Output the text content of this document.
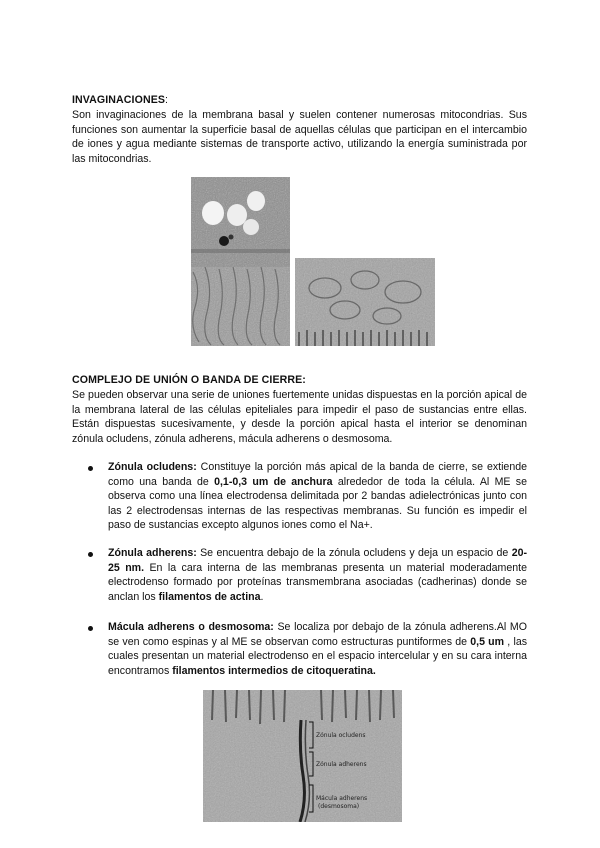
INVAGINACIONES:
Son invaginaciones de la membrana basal y suelen contener numerosas mitocondrias. Sus funciones son aumentar la superficie basal de aquellas células que participan en el intercambio de iones y agua mediante sistemas de transporte activo, utilizando la energía suministrada por las mitocondrias.
COMPLEJO DE UNIÓN O BANDA DE CIERRE:
Se pueden observar una serie de uniones fuertemente unidas dispuestas en la porción apical de la membrana lateral de las células epiteliales para impedir el paso de sustancias entre ellas. Están dispuestas sucesivamente, y desde la porción apical hasta el interior se denominan zónula ocludens, zónula adherens, mácula adherens o desmosoma.
Zónula ocludens: Constituye la porción más apical de la banda de cierre, se extiende como una banda de 0,1-0,3 um de anchura alrededor de toda la célula. Al ME se observa como una línea electrodensa delimitada por 2 bandas adielectrónicas junto con las 2 electrodensas internas de las respectivas membranas. Su función es impedir el paso de sustancias excepto algunos iones como el Na+.
Zónula adherens: Se encuentra debajo de la zónula ocludens y deja un espacio de 20-25 nm. En la cara interna de las membranas presenta un material moderadamente electrodenso formado por proteínas transmembrana asociadas (cadherinas) donde se anclan los filamentos de actina.
Mácula adherens o desmosoma: Se localiza por debajo de la zónula adherens.Al MO se ven como espinas y al ME se observan como estructuras puntiformes de 0,5 um , las cuales presentan un material electrodenso en el espacio intercelular y en su cara interna encontramos filamentos intermedios de citoqueratina.
Zónula ocludens
Zónula adherens
Mácula adherens
(desmosoma)
